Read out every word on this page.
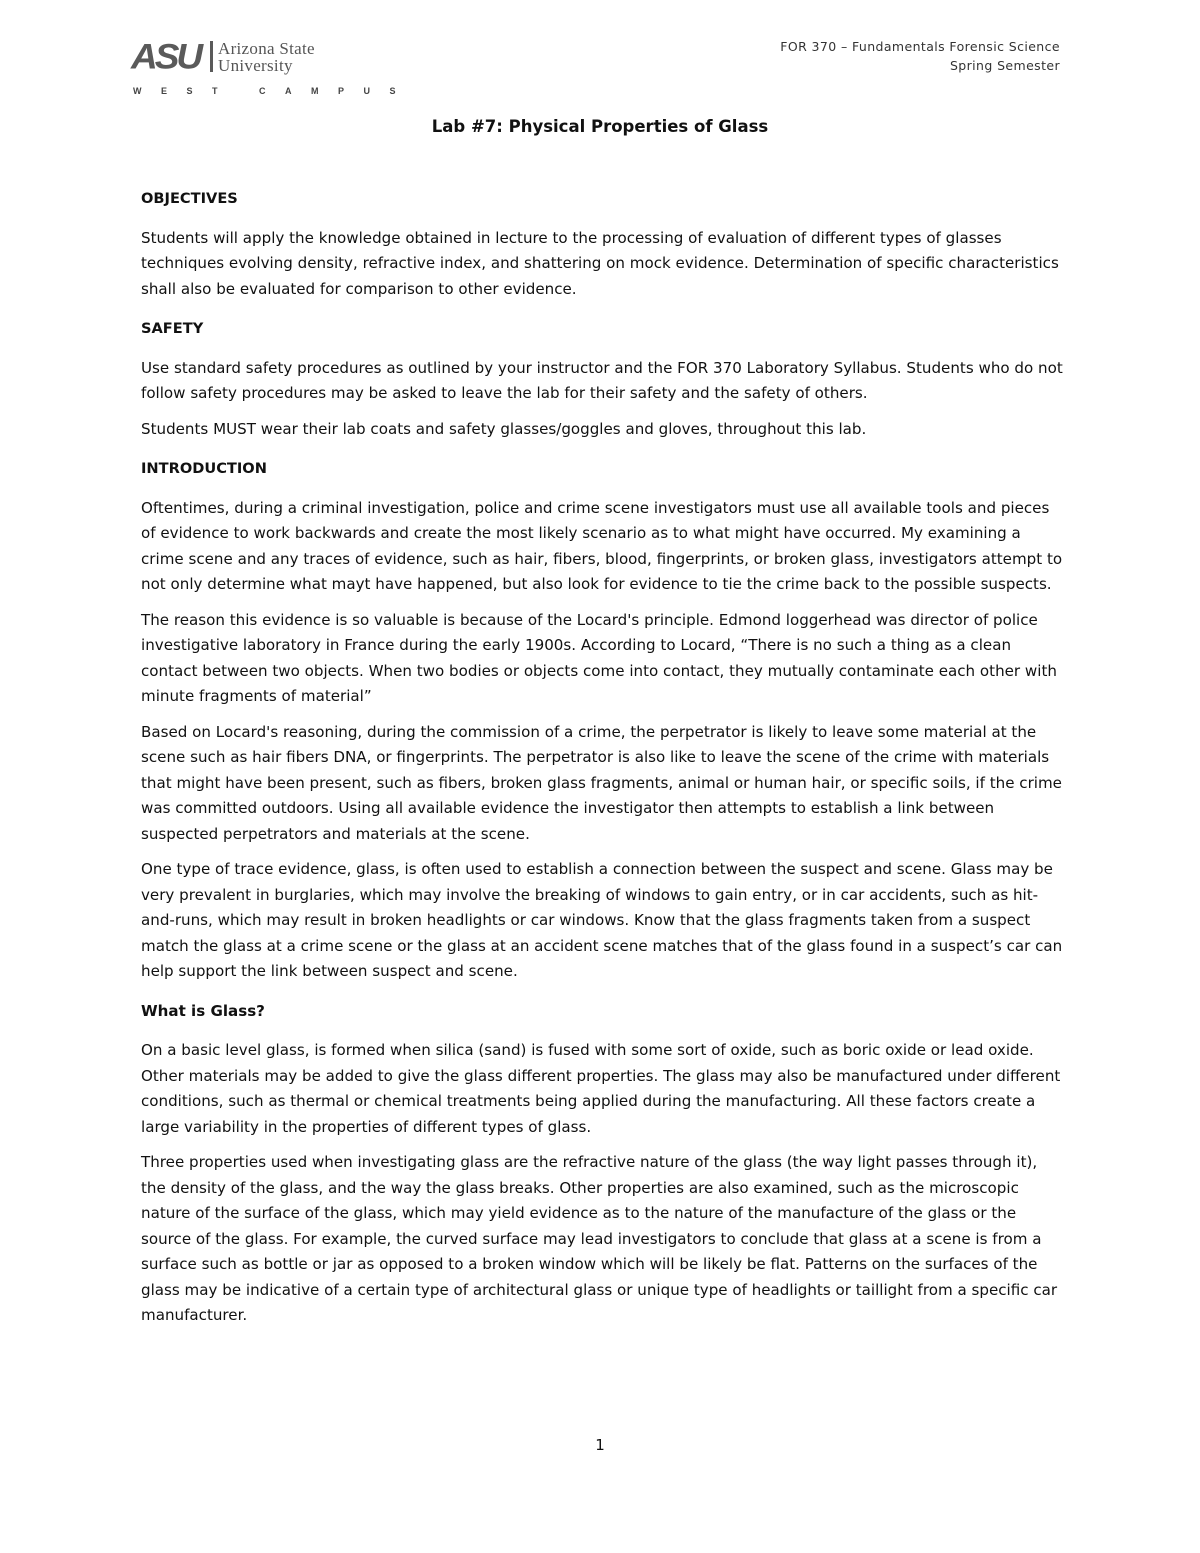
ASU Arizona State
University
WEST CAMPUS
FOR 370 – Fundamentals Forensic Science
Spring Semester
Lab #7: Physical Properties of Glass
OBJECTIVES
Students will apply the knowledge obtained in lecture to the processing of evaluation of different types of glasses techniques evolving density, refractive index, and shattering on mock evidence. Determination of specific characteristics shall also be evaluated for comparison to other evidence.
SAFETY
Use standard safety procedures as outlined by your instructor and the FOR 370 Laboratory Syllabus. Students who do not follow safety procedures may be asked to leave the lab for their safety and the safety of others.
Students MUST wear their lab coats and safety glasses/goggles and gloves, throughout this lab.
INTRODUCTION
Oftentimes, during a criminal investigation, police and crime scene investigators must use all available tools and pieces of evidence to work backwards and create the most likely scenario as to what might have occurred. My examining a crime scene and any traces of evidence, such as hair, fibers, blood, fingerprints, or broken glass, investigators attempt to not only determine what mayt have happened, but also look for evidence to tie the crime back to the possible suspects.
The reason this evidence is so valuable is because of the Locard's principle. Edmond loggerhead was director of police investigative laboratory in France during the early 1900s. According to Locard, “There is no such a thing as a clean contact between two objects. When two bodies or objects come into contact, they mutually contaminate each other with minute fragments of material”
Based on Locard's reasoning, during the commission of a crime, the perpetrator is likely to leave some material at the scene such as hair fibers DNA, or fingerprints. The perpetrator is also like to leave the scene of the crime with materials that might have been present, such as fibers, broken glass fragments, animal or human hair, or specific soils, if the crime was committed outdoors. Using all available evidence the investigator then attempts to establish a link between suspected perpetrators and materials at the scene.
One type of trace evidence, glass, is often used to establish a connection between the suspect and scene. Glass may be very prevalent in burglaries, which may involve the breaking of windows to gain entry, or in car accidents, such as hit-and-runs, which may result in broken headlights or car windows. Know that the glass fragments taken from a suspect match the glass at a crime scene or the glass at an accident scene matches that of the glass found in a suspect’s car can help support the link between suspect and scene.
What is Glass?
On a basic level glass, is formed when silica (sand) is fused with some sort of oxide, such as boric oxide or lead oxide. Other materials may be added to give the glass different properties. The glass may also be manufactured under different conditions, such as thermal or chemical treatments being applied during the manufacturing. All these factors create a large variability in the properties of different types of glass.
Three properties used when investigating glass are the refractive nature of the glass (the way light passes through it), the density of the glass, and the way the glass breaks. Other properties are also examined, such as the microscopic nature of the surface of the glass, which may yield evidence as to the nature of the manufacture of the glass or the source of the glass. For example, the curved surface may lead investigators to conclude that glass at a scene is from a surface such as bottle or jar as opposed to a broken window which will be likely be flat. Patterns on the surfaces of the glass may be indicative of a certain type of architectural glass or unique type of headlights or taillight from a specific car manufacturer.
1
